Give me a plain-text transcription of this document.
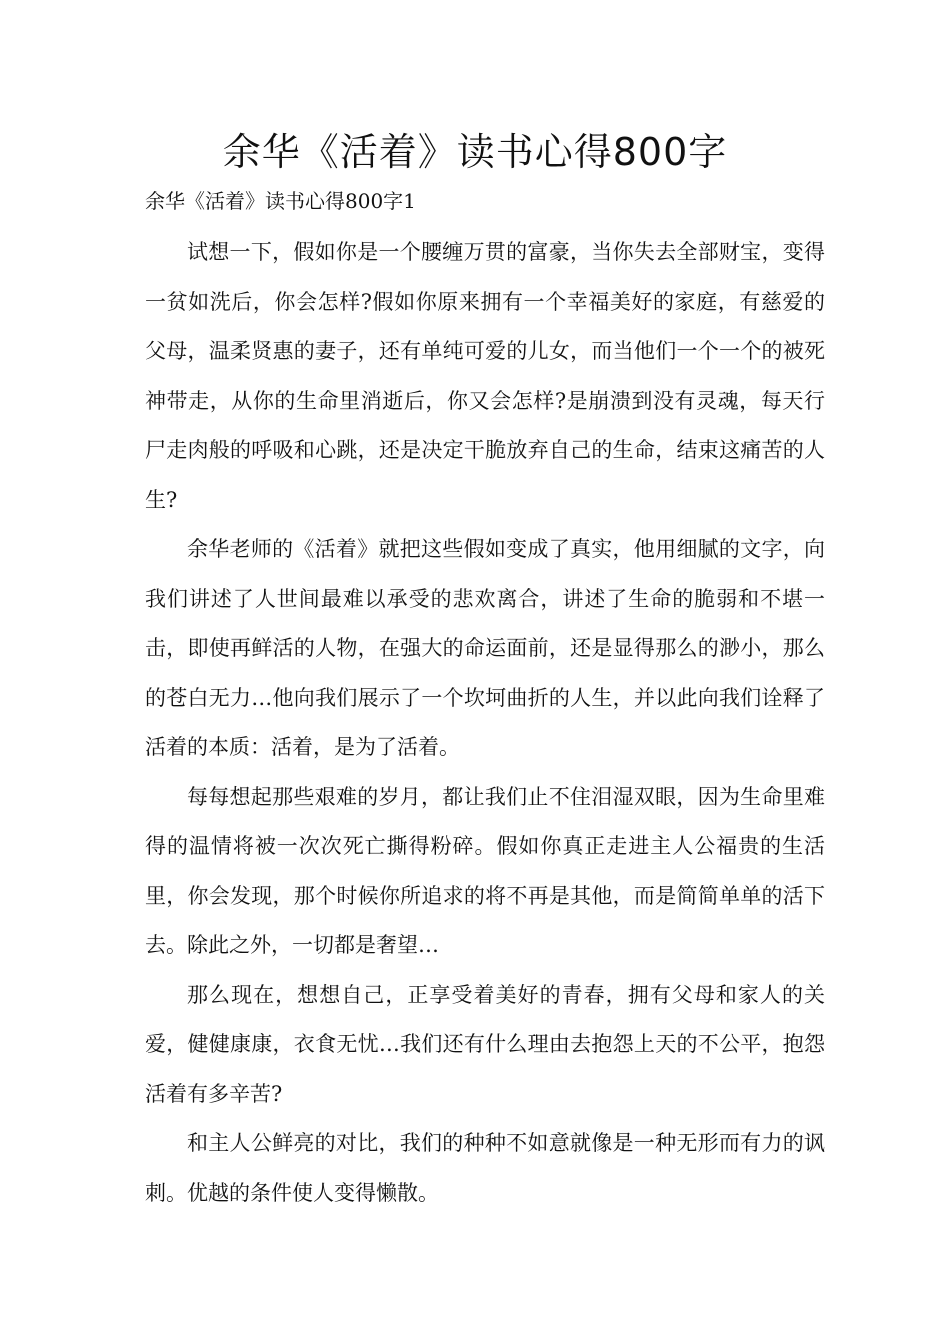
余华《活着》读书心得800字

余华《活着》读书心得800字1

试想一下，假如你是一个腰缠万贯的富豪，当你失去全部财宝，变得一贫如洗后，你会怎样?假如你原来拥有一个幸福美好的家庭，有慈爱的父母，温柔贤惠的妻子，还有单纯可爱的儿女，而当他们一个一个的被死神带走，从你的生命里消逝后，你又会怎样?是崩溃到没有灵魂，每天行尸走肉般的呼吸和心跳，还是决定干脆放弃自己的生命，结束这痛苦的人生?

余华老师的《活着》就把这些假如变成了真实，他用细腻的文字，向我们讲述了人世间最难以承受的悲欢离合，讲述了生命的脆弱和不堪一击，即使再鲜活的人物，在强大的命运面前，还是显得那么的渺小，那么的苍白无力…他向我们展示了一个坎坷曲折的人生，并以此向我们诠释了活着的本质：活着，是为了活着。

每每想起那些艰难的岁月，都让我们止不住泪湿双眼，因为生命里难得的温情将被一次次死亡撕得粉碎。假如你真正走进主人公福贵的生活里，你会发现，那个时候你所追求的将不再是其他，而是简简单单的活下去。除此之外，一切都是奢望…

那么现在，想想自己，正享受着美好的青春，拥有父母和家人的关爱，健健康康，衣食无忧…我们还有什么理由去抱怨上天的不公平，抱怨活着有多辛苦?

和主人公鲜亮的对比，我们的种种不如意就像是一种无形而有力的讽刺。优越的条件使人变得懒散。
